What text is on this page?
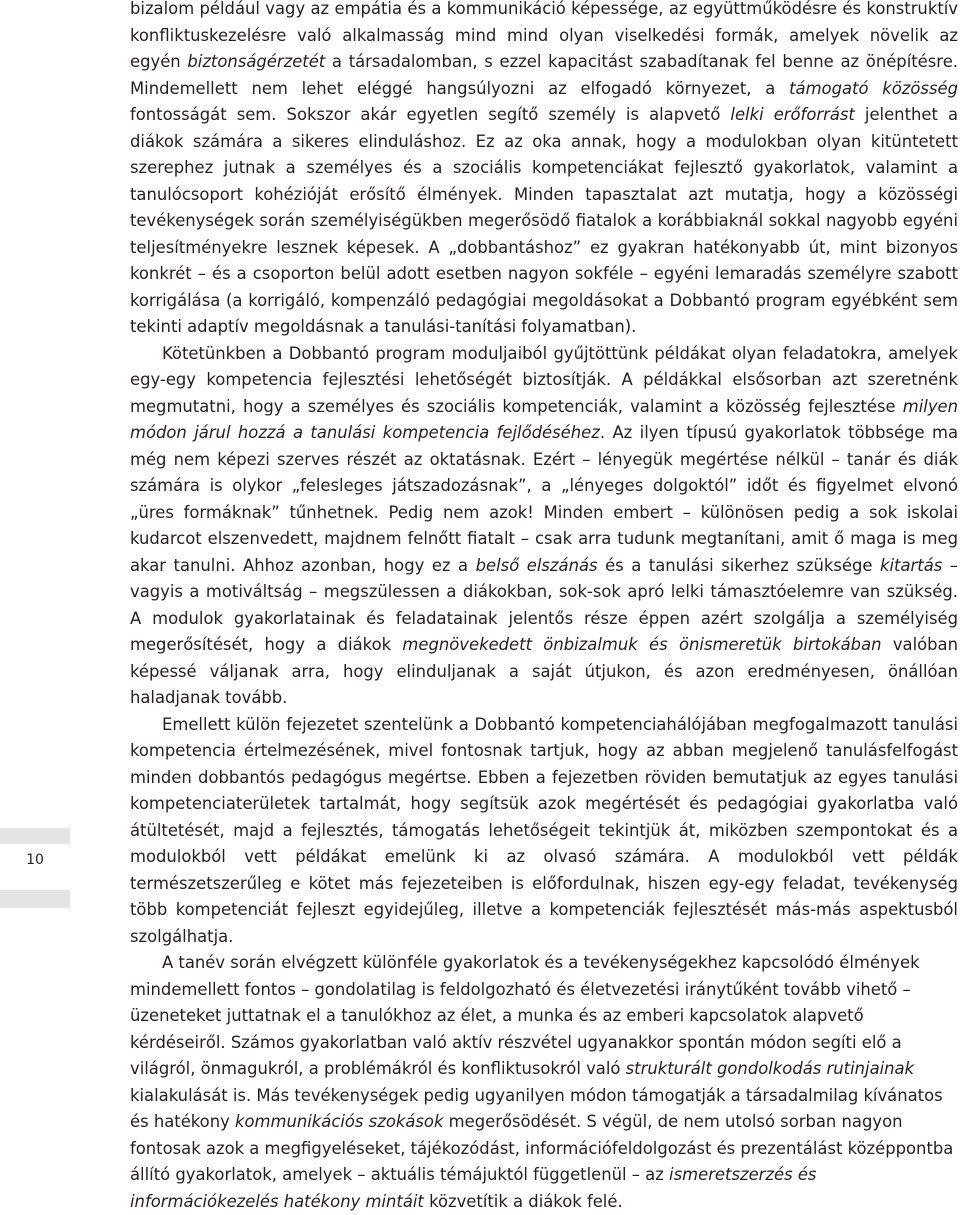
10

bizalom például vagy az empátia és a kommunikáció képessége, az együttműködésre és konstruktív konfliktuskezelésre való alkalmasság mind mind olyan viselkedési formák, amelyek növelik az egyén biztonságérzetét a társadalomban, s ezzel kapacitást szabadítanak fel benne az önépítésre. Mindemellett nem lehet eléggé hangsúlyozni az elfogadó környezet, a támogató közösség fontosságát sem. Sokszor akár egyetlen segítő személy is alapvető lelki erőforrást jelenthet a diákok számára a sikeres elinduláshoz. Ez az oka annak, hogy a modulokban olyan kitüntetett szerephez jutnak a személyes és a szociális kompetenciákat fejlesztő gyakorlatok, valamint a tanulócsoport kohézióját erősítő élmények. Minden tapasztalat azt mutatja, hogy a közösségi tevékenységek során személyiségükben megerősödő fiatalok a korábbiaknál sokkal nagyobb egyéni teljesítményekre lesznek képesek. A „dobbantáshoz” ez gyakran hatékonyabb út, mint bizonyos konkrét – és a csoporton belül adott esetben nagyon sokféle – egyéni lemaradás személyre szabott korrigálása (a korrigáló, kompenzáló pedagógiai megoldásokat a Dobbantó program egyébként sem tekinti adaptív megoldásnak a tanulási-tanítási folyamatban).

Kötetünkben a Dobbantó program moduljaiból gyűjtöttünk példákat olyan feladatokra, amelyek egy-egy kompetencia fejlesztési lehetőségét biztosítják. A példákkal elsősorban azt szeretnénk megmutatni, hogy a személyes és szociális kompetenciák, valamint a közösség fejlesztése milyen módon járul hozzá a tanulási kompetencia fejlődéséhez. Az ilyen típusú gyakorlatok többsége ma még nem képezi szerves részét az oktatásnak. Ezért – lényegük megértése nélkül – tanár és diák számára is olykor „felesleges játszadozásnak”, a „lényeges dolgoktól” időt és figyelmet elvonó „üres formáknak” tűnhetnek. Pedig nem azok! Minden embert – különösen pedig a sok iskolai kudarcot elszenvedett, majdnem felnőtt fiatalt – csak arra tudunk megtanítani, amit ő maga is meg akar tanulni. Ahhoz azonban, hogy ez a belső elszánás és a tanulási sikerhez szüksége kitartás – vagyis a motiváltság – megszülessen a diákokban, sok-sok apró lelki támasztóelemre van szükség. A modulok gyakorlatainak és feladatainak jelentős része éppen azért szolgálja a személyiség megerősítését, hogy a diákok megnövekedett önbizalmuk és önismeretük birtokában valóban képessé váljanak arra, hogy elinduljanak a saját útjukon, és azon eredményesen, önállóan haladjanak tovább.

Emellett külön fejezetet szentelünk a Dobbantó kompetenciahálójában megfogalmazott tanulási kompetencia értelmezésének, mivel fontosnak tartjuk, hogy az abban megjelenő tanulásfelfogást minden dobbantós pedagógus megértse. Ebben a fejezetben röviden bemutatjuk az egyes tanulási kompetenciaterületek tartalmát, hogy segítsük azok megértését és pedagógiai gyakorlatba való átültetését, majd a fejlesztés, támogatás lehetőségeit tekintjük át, miközben szempontokat és a modulokból vett példákat emelünk ki az olvasó számára. A modulokból vett példák természetszerűleg e kötet más fejezeteiben is előfordulnak, hiszen egy-egy feladat, tevékenység több kompetenciát fejleszt egyidejűleg, illetve a kompetenciák fejlesztését más-más aspektusból szolgálhatja.

A tanév során elvégzett különféle gyakorlatok és a tevékenységekhez kapcsolódó élmények mindemellett fontos – gondolatilag is feldolgozható és életvezetési iránytűként tovább vihető – üzeneteket juttatnak el a tanulókhoz az élet, a munka és az emberi kapcsolatok alapvető kérdéseiről. Számos gyakorlatban való aktív részvétel ugyanakkor spontán módon segíti elő a világról, önmagukról, a problémákról és konfliktusokról való strukturált gondolkodás rutinjainak kialakulását is. Más tevékenységek pedig ugyanilyen módon támogatják a társadalmilag kívánatos és hatékony kommunikációs szokások megerősödését. S végül, de nem utolsó sorban nagyon fontosak azok a megfigyeléseket, tájékozódást, információfeldolgozást és prezentálást középpontba állító gyakorlatok, amelyek – aktuális témájuktól függetlenül – az ismeretszerzés és információkezelés hatékony mintáit közvetítik a diákok felé.
